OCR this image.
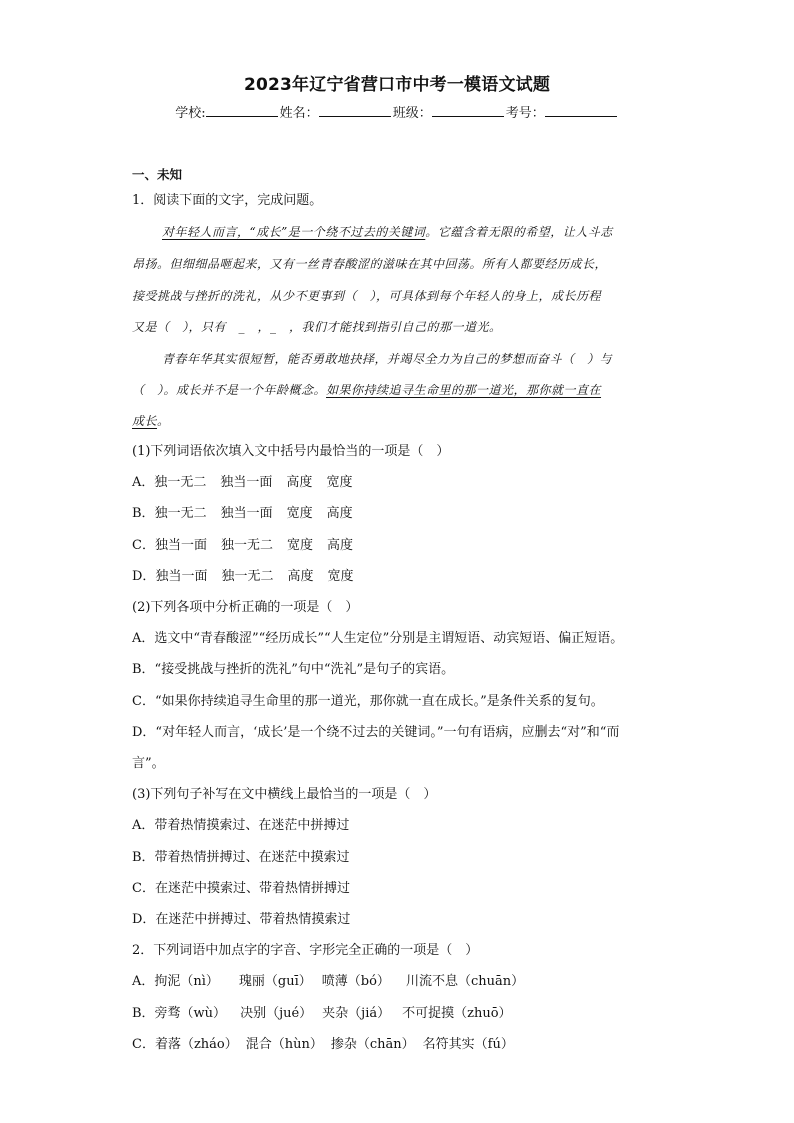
2023年辽宁省营口市中考一模语文试题
学校:	姓名：	班级：	考号：
一、未知
1．阅读下面的文字，完成问题。
对年轻人而言，“成长”是一个绕不过去的关键词。它蕴含着无限的希望，让人斗志
昂扬。但细细品咂起来，又有一丝青春酸涩的滋味在其中回荡。所有人都要经历成长，
接受挑战与挫折的洗礼，从少不更事到（　），可具体到每个年轻人的身上，成长历程
又是（　），只有　_　，_　，我们才能找到指引自己的那一道光。
青春年华其实很短暂，能否勇敢地抉择，并竭尽全力为自己的梦想而奋斗（　）与
（　）。成长并不是一个年龄概念。如果你持续追寻生命里的那一道光，那你就一直在
成长。
(1)下列词语依次填入文中括号内最恰当的一项是（　）
A．独一无二 独当一面 高度 宽度
B．独一无二 独当一面 宽度 高度
C．独当一面 独一无二 宽度 高度
D．独当一面 独一无二 高度 宽度
(2)下列各项中分析正确的一项是（　）
A．选文中“青春酸涩”“经历成长”“人生定位”分别是主谓短语、动宾短语、偏正短语。
B．“接受挑战与挫折的洗礼”句中“洗礼”是句子的宾语。
C．“如果你持续追寻生命里的那一道光，那你就一直在成长。”是条件关系的复句。
D．“对年轻人而言，‘成长’是一个绕不过去的关键词。”一句有语病，应删去“对”和“而
言”。
(3)下列句子补写在文中横线上最恰当的一项是（　）
A．带着热情摸索过、在迷茫中拼搏过
B．带着热情拼搏过、在迷茫中摸索过
C．在迷茫中摸索过、带着热情拼搏过
D．在迷茫中拼搏过、带着热情摸索过
2．下列词语中加点字的字音、字形完全正确的一项是（　）
A．拘泥（nì） 瑰丽（guī） 喷薄（bó） 川流不息（chuān）
B．旁骛（wù） 决别（jué） 夹杂（jiá） 不可捉摸（zhuō）
C．着落（zháo） 混合（hùn） 掺杂（chān） 名符其实（fú）
